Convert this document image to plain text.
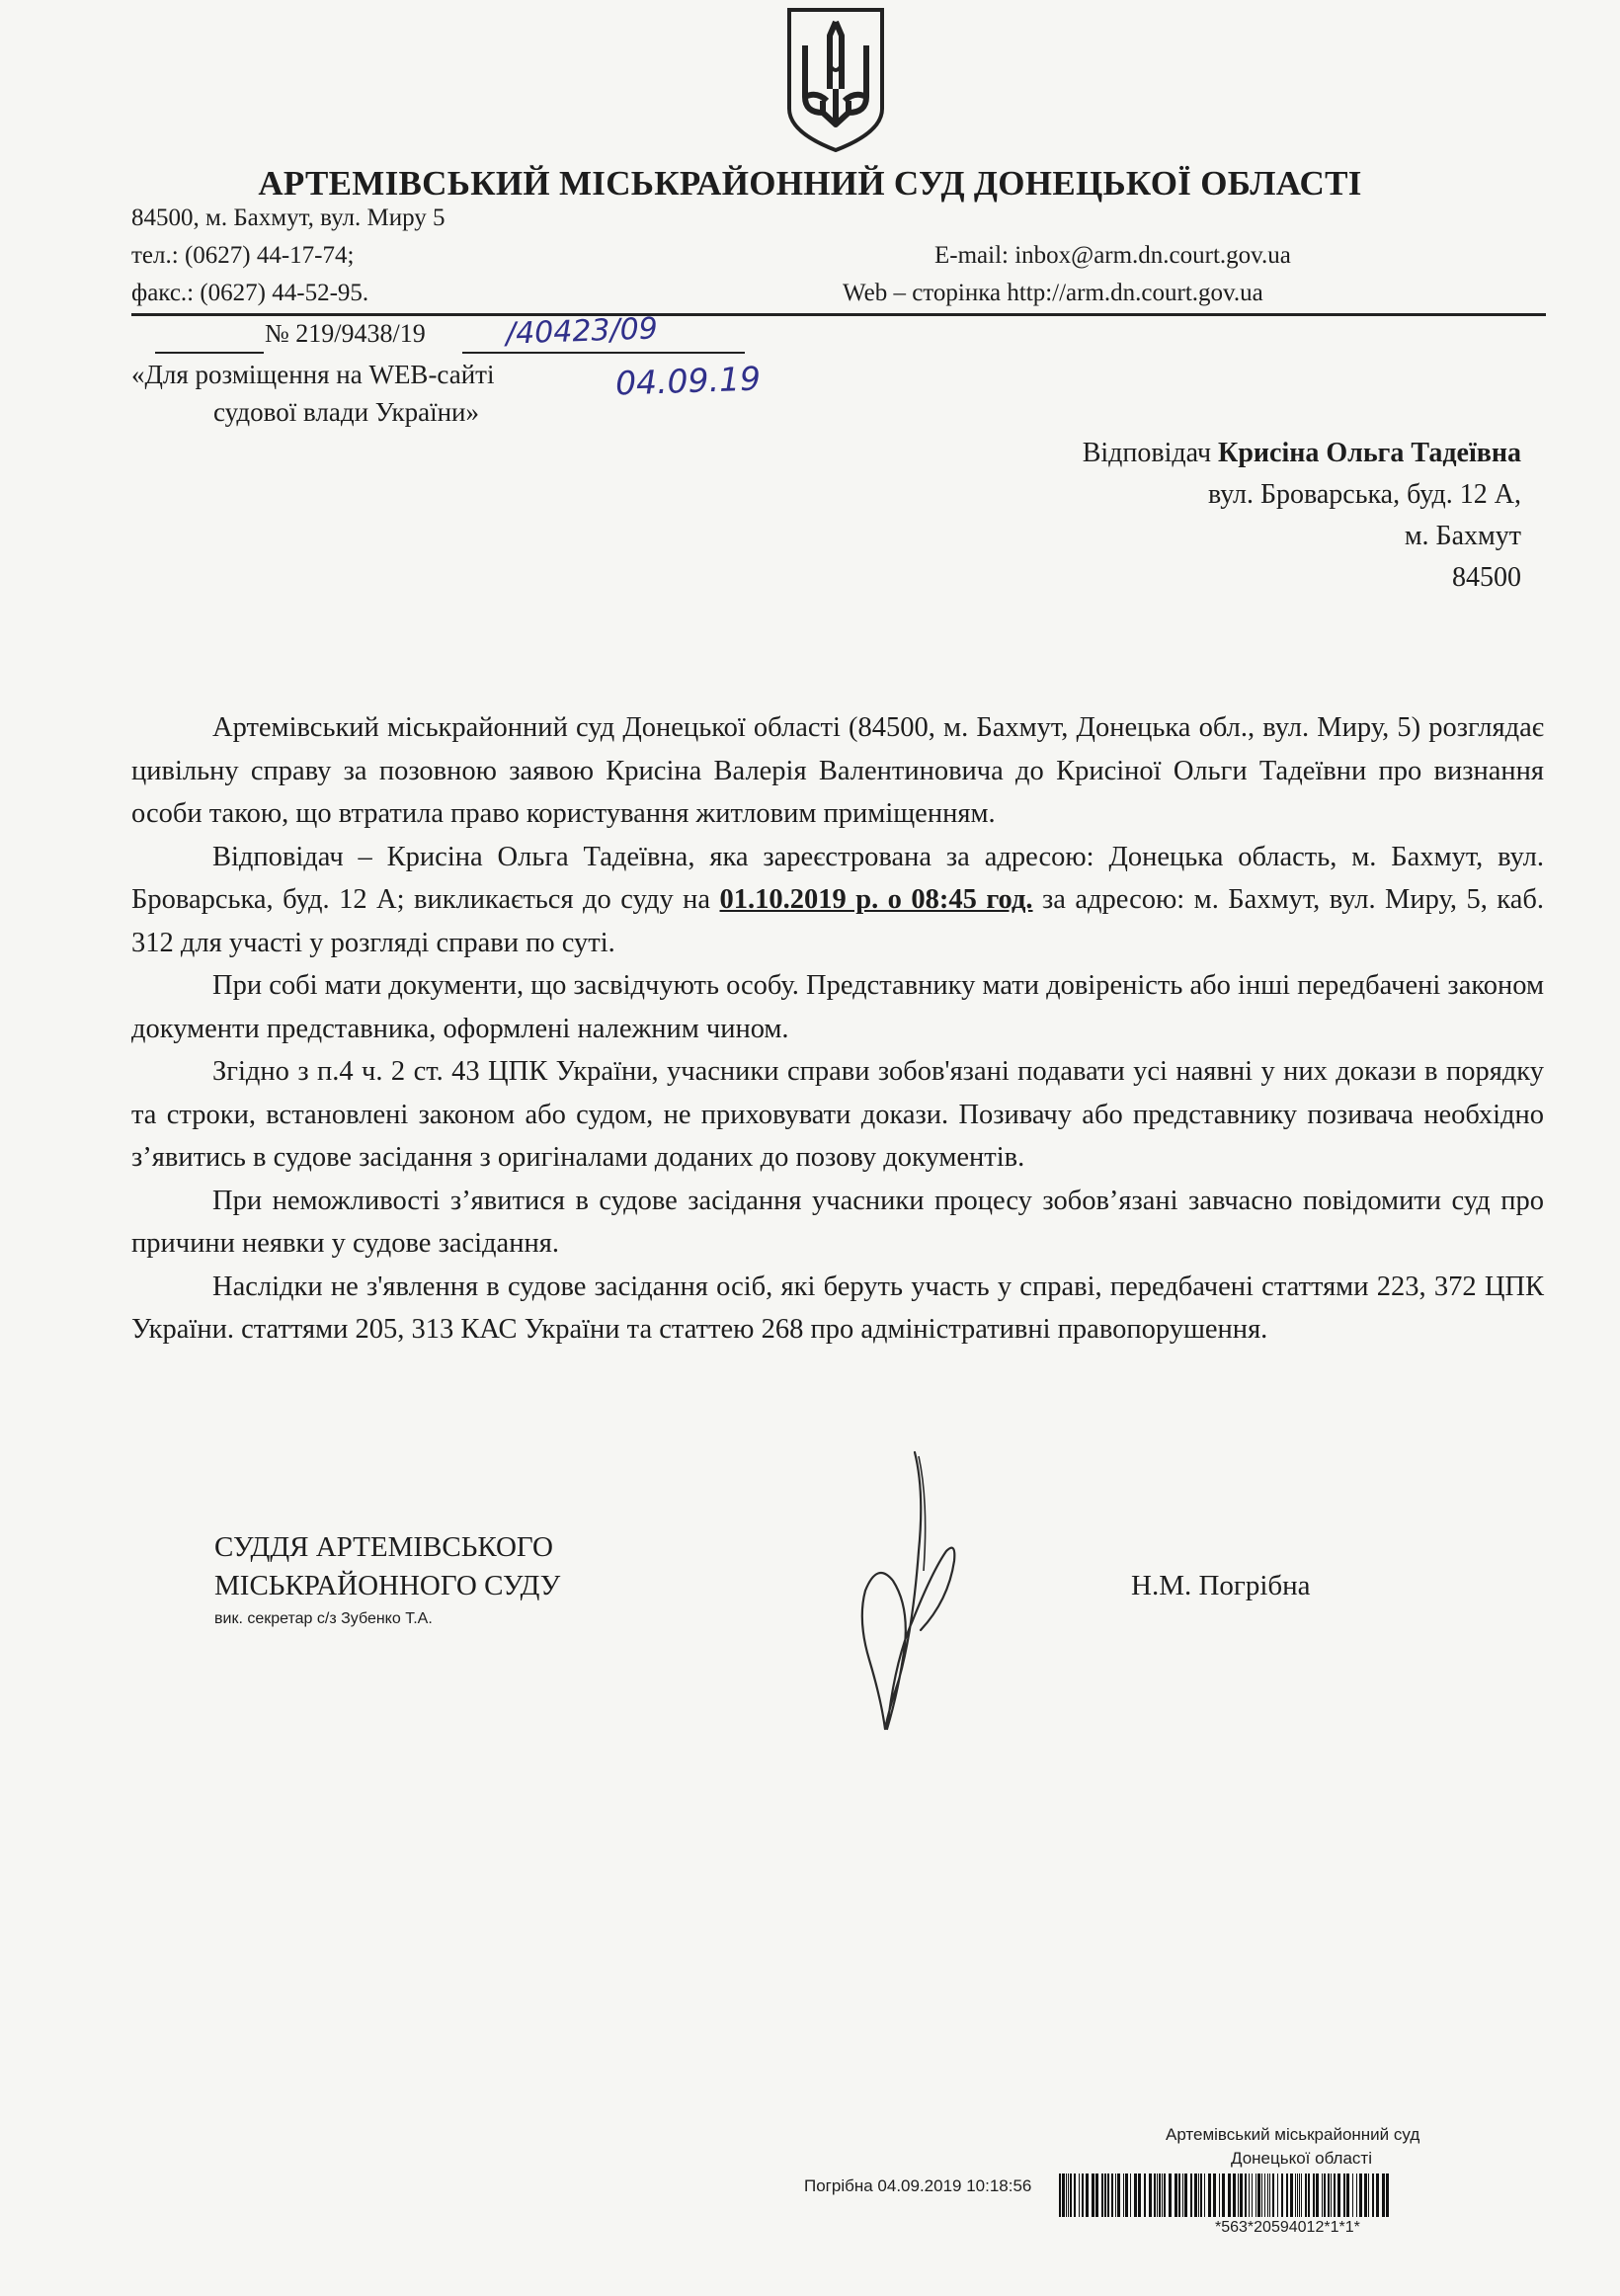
АРТЕМІВСЬКИЙ МІСЬКРАЙОННИЙ СУД ДОНЕЦЬКОЇ ОБЛАСТІ
84500, м. Бахмут, вул. Миру 5
тел.: (0627) 44-17-74;	E-mail: inbox@arm.dn.court.gov.ua
факс.: (0627) 44-52-95.	Web – сторінка http://arm.dn.court.gov.ua
№ 219/9438/19	/40423/09
04.09.19
«Для розміщення на WEB-сайті
судової влади України»
Відповідач Крисіна Ольга Тадеївна
вул. Броварська, буд. 12 А,
м. Бахмут
84500

Артемівський міськрайонний суд Донецької області (84500, м. Бахмут, Донецька обл., вул. Миру, 5) розглядає цивільну справу за позовною заявою Крисіна Валерія Валентиновича до Крисіної Ольги Тадеївни про визнання особи такою, що втратила право користування житловим приміщенням.

Відповідач – Крисіна Ольга Тадеївна, яка зареєстрована за адресою: Донецька область, м. Бахмут, вул. Броварська, буд. 12 А; викликається до суду на 01.10.2019 р. о 08:45 год. за адресою: м. Бахмут, вул. Миру, 5, каб. 312 для участі у розгляді справи по суті.

При собі мати документи, що засвідчують особу. Представнику мати довіреність або інші передбачені законом документи представника, оформлені належним чином.

Згідно з п.4 ч. 2 ст. 43 ЦПК України, учасники справи зобов'язані подавати усі наявні у них докази в порядку та строки, встановлені законом або судом, не приховувати докази. Позивачу або представнику позивача необхідно з’явитись в судове засідання з оригіналами доданих до позову документів.

При неможливості з’явитися в судове засідання учасники процесу зобов’язані завчасно повідомити суд про причини неявки у судове засідання.

Наслідки не з'явлення в судове засідання осіб, які беруть участь у справі, передбачені статтями 223, 372 ЦПК України. статтями 205, 313 КАС України та статтею 268 про адміністративні правопорушення.

СУДДЯ АРТЕМІВСЬКОГО
МІСЬКРАЙОННОГО СУДУ
вик. секретар с/з Зубенко Т.А.
Н.М. Погрібна
Артемівський міськрайонний суд
Донецької області
Погрібна 04.09.2019 10:18:56
*563*20594012*1*1*
